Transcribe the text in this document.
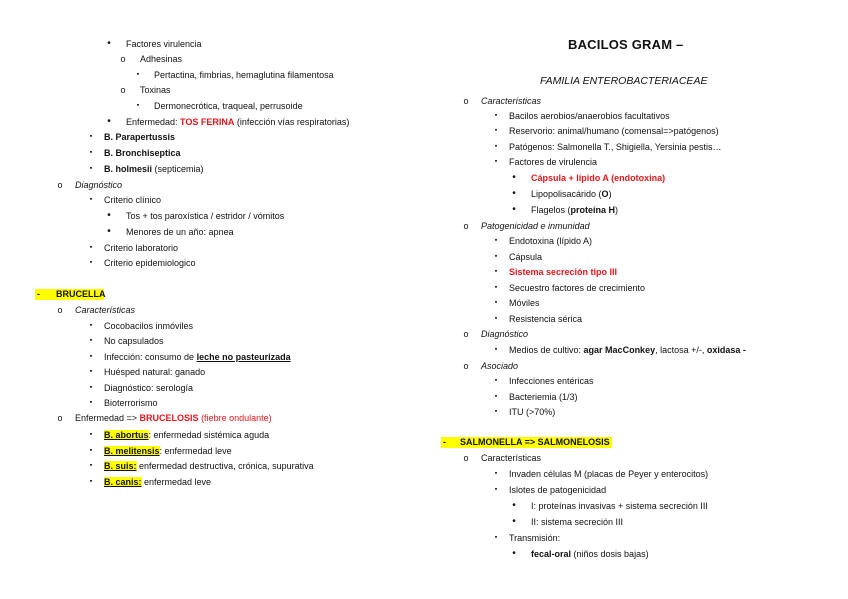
•	Factores virulencia
o Adhesinas
▪	Pertactina, fimbrias, hemaglutina filamentosa
o Toxinas
▪	Dermonecrótica, traqueal, perrusoide
•	Enfermedad: TOS FERINA (infección vías respiratorias)
▪	B. Parapertussis
▪	B. Bronchiseptica
▪	B. holmesii (septicemia)
o Diagnóstico
▪	Criterio clínico
•	Tos + tos paroxística / estridor / vómitos
•	Menores de un año: apnea
▪	Criterio laboratorio
▪	Criterio epidemiologico
- BRUCELLA
o Características
▪	Cocobacilos inmóviles
▪	No capsulados
▪	Infección: consumo de leche no pasteurizada
▪	Huésped natural: ganado
▪	Diagnóstico: serología
▪	Bioterrorismo
o Enfermedad => BRUCELOSIS (fiebre ondulante)
▪	B. abortus: enfermedad sistémica aguda
▪	B. melitensis: enfermedad leve
▪	B. suis: enfermedad destructiva, crónica, supurativa
▪	B. canis: enfermedad leve
BACILOS GRAM –
FAMILIA ENTEROBACTERIACEAE
o Características
▪	Bacilos aerobios/anaerobios facultativos
▪	Reservorio: animal/humano (comensal=>patógenos)
▪	Patógenos: Salmonella T., Shigiella, Yersinia pestis…
▪	Factores de virulencia
•	Cápsula + lípido A (endotoxina)
•	Lipopolisacárido (O)
•	Flagelos (proteína H)
o Patogenicidad e inmunidad
▪	Endotoxina (lípido A)
▪	Cápsula
▪	Sistema secreción tipo III
▪	Secuestro factores de crecimiento
▪	Móviles
▪	Resistencia sérica
o Diagnóstico
▪	Medios de cultivo: agar MacConkey, lactosa +/-, oxidasa -
o Asociado
▪	Infecciones entéricas
▪	Bacteriemia (1/3)
▪	ITU (>70%)
- SALMONELLA => SALMONELOSIS
o Características
▪	Invaden células M (placas de Peyer y enterocitos)
▪	Islotes de patogenicidad
•	I: proteínas invasivas + sistema secreción III
•	II: sistema secreción III
▪	Transmisión:
•	fecal-oral (niños dosis bajas)
